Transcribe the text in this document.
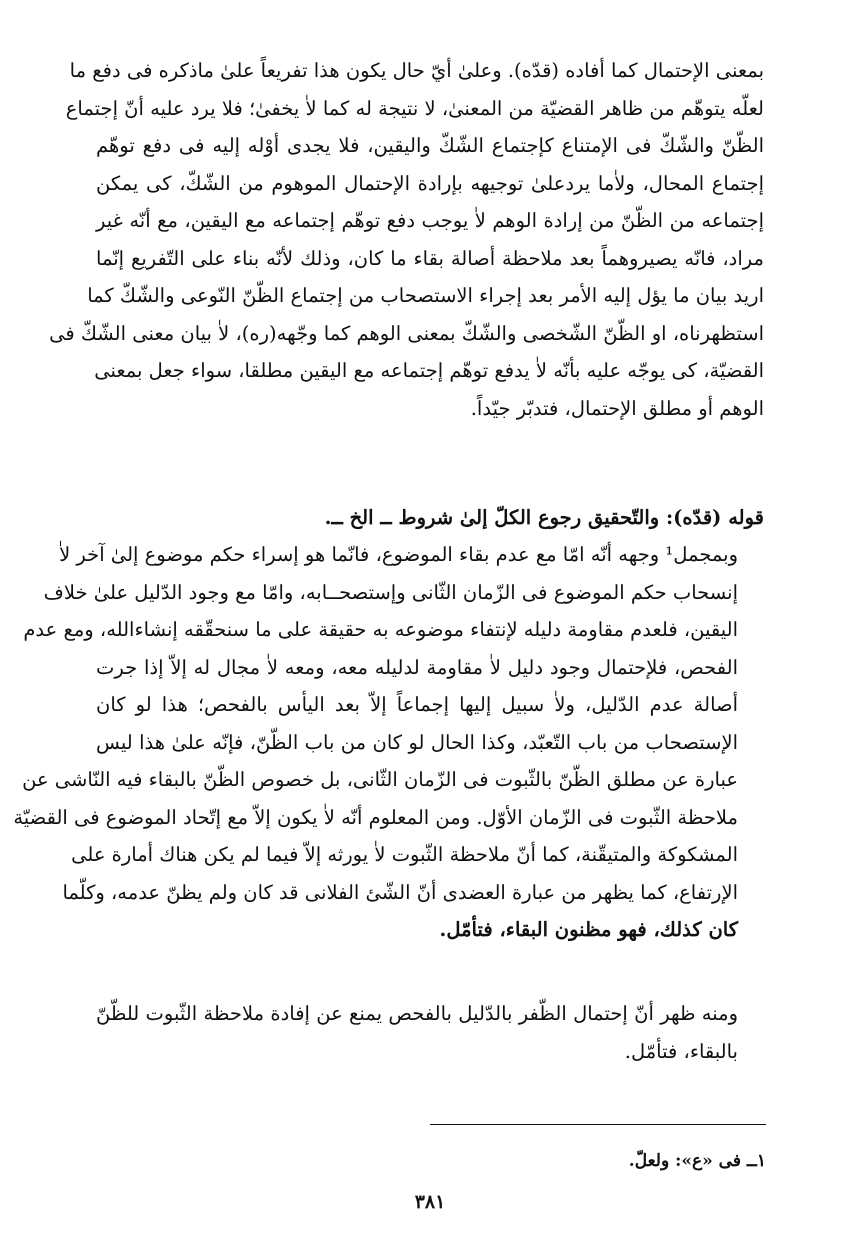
بمعنى الإحتمال كما أفاده (قدّه). وعلىٰ أيّ حال يكون هذا تفريعاً علىٰ ماذكره فى دفع ما
لعلّه يتوهّم من ظاهر القضيّة من المعنىٰ، لا نتيجة له كما لاٰ يخفىٰ؛ فلا يرد عليه أنّ إجتماع
الظّنّ والشّكّ فى الإمتناع كإجتماع الشّكّ واليقين، فلا يجدى أوْله إليه فى دفع توهّم
إجتماع المحال، ولاٰما يردعلىٰ توجيهه بإرادة الإحتمال الموهوم من الشّكّ، كى يمكن
إجتماعه من الظّنّ من إرادة الوهم لاٰ يوجب دفع توهّم إجتماعه مع اليقين، مع أنّه غير
مراد، فانّه يصيروهماً بعد ملاحظة أصالة بقاء ما كان، وذلك لأنّه بناء على التّفريع إنّما
اريد بيان ما يؤل إليه الأمر بعد إجراء الاستصحاب من إجتماع الظّنّ النّوعى والشّكّ كما
استظهرناه، او الظّنّ الشّخصى والشّكّ بمعنى الوهم كما وجّهه(ره)، لاٰ بيان معنى الشّكّ فى
القضيّة، كى يوجّه عليه بأنّه لاٰ يدفع توهّم إجتماعه مع اليقين مطلقا، سواء جعل بمعنى
الوهم أو مطلق الإحتمال، فتدبّر جيّداً.
قوله (قدّه): والتّحقيق رجوع الكلّ إلىٰ شروط ــ الخ ــ.
وبمجمل¹ وجهه أنّه امّا مع عدم بقاء الموضوع، فانّما هو إسراء حكم موضوع إلىٰ آخر لاٰ
إنسحاب حكم الموضوع فى الزّمان الثّانى وإستصحــابه، وامّا مع وجود الدّليل علىٰ خلاف
اليقين، فلعدم مقاومة دليله لإنتفاء موضوعه به حقيقة على ما سنحقّقه إنشاءالله، ومع عدم
الفحص، فلإحتمال وجود دليل لاٰ مقاومة لدليله معه، ومعه لاٰ مجال له إلاّ إذا جرت
أصالة عدم الدّليل، ولاٰ سبيل إليها إجماعاً إلاّ بعد اليأس بالفحص؛ هذا لو كان
الإستصحاب من باب التّعبّد، وكذا الحال لو كان من باب الظّنّ، فإنّه علىٰ هذا ليس
عبارة عن مطلق الظّنّ بالثّبوت فى الزّمان الثّانى، بل خصوص الظّنّ بالبقاء فيه النّاشى عن
ملاحظة الثّبوت فى الزّمان الأوّل. ومن المعلوم أنّه لاٰ يكون إلاّ مع إتّحاد الموضوع فى القضيّة
المشكوكة والمتيقّنة، كما أنّ ملاحظة الثّبوت لاٰ يورثه إلاّ فيما لم يكن هناك أمارة على
الإرتفاع، كما يظهر من عبارة العضدى أنّ الشّئ الفلانى قد كان ولم يظنّ عدمه، وكلّما
كان كذلك، فهو مظنون البقاء، فتأمّل.
ومنه ظهر أنّ إحتمال الظّفر بالدّليل بالفحص يمنع عن إفادة ملاحظة الثّبوت للظّنّ
بالبقاء، فتأمّل.
١ــ فى «ع»: ولعلّ.
٣٨١
